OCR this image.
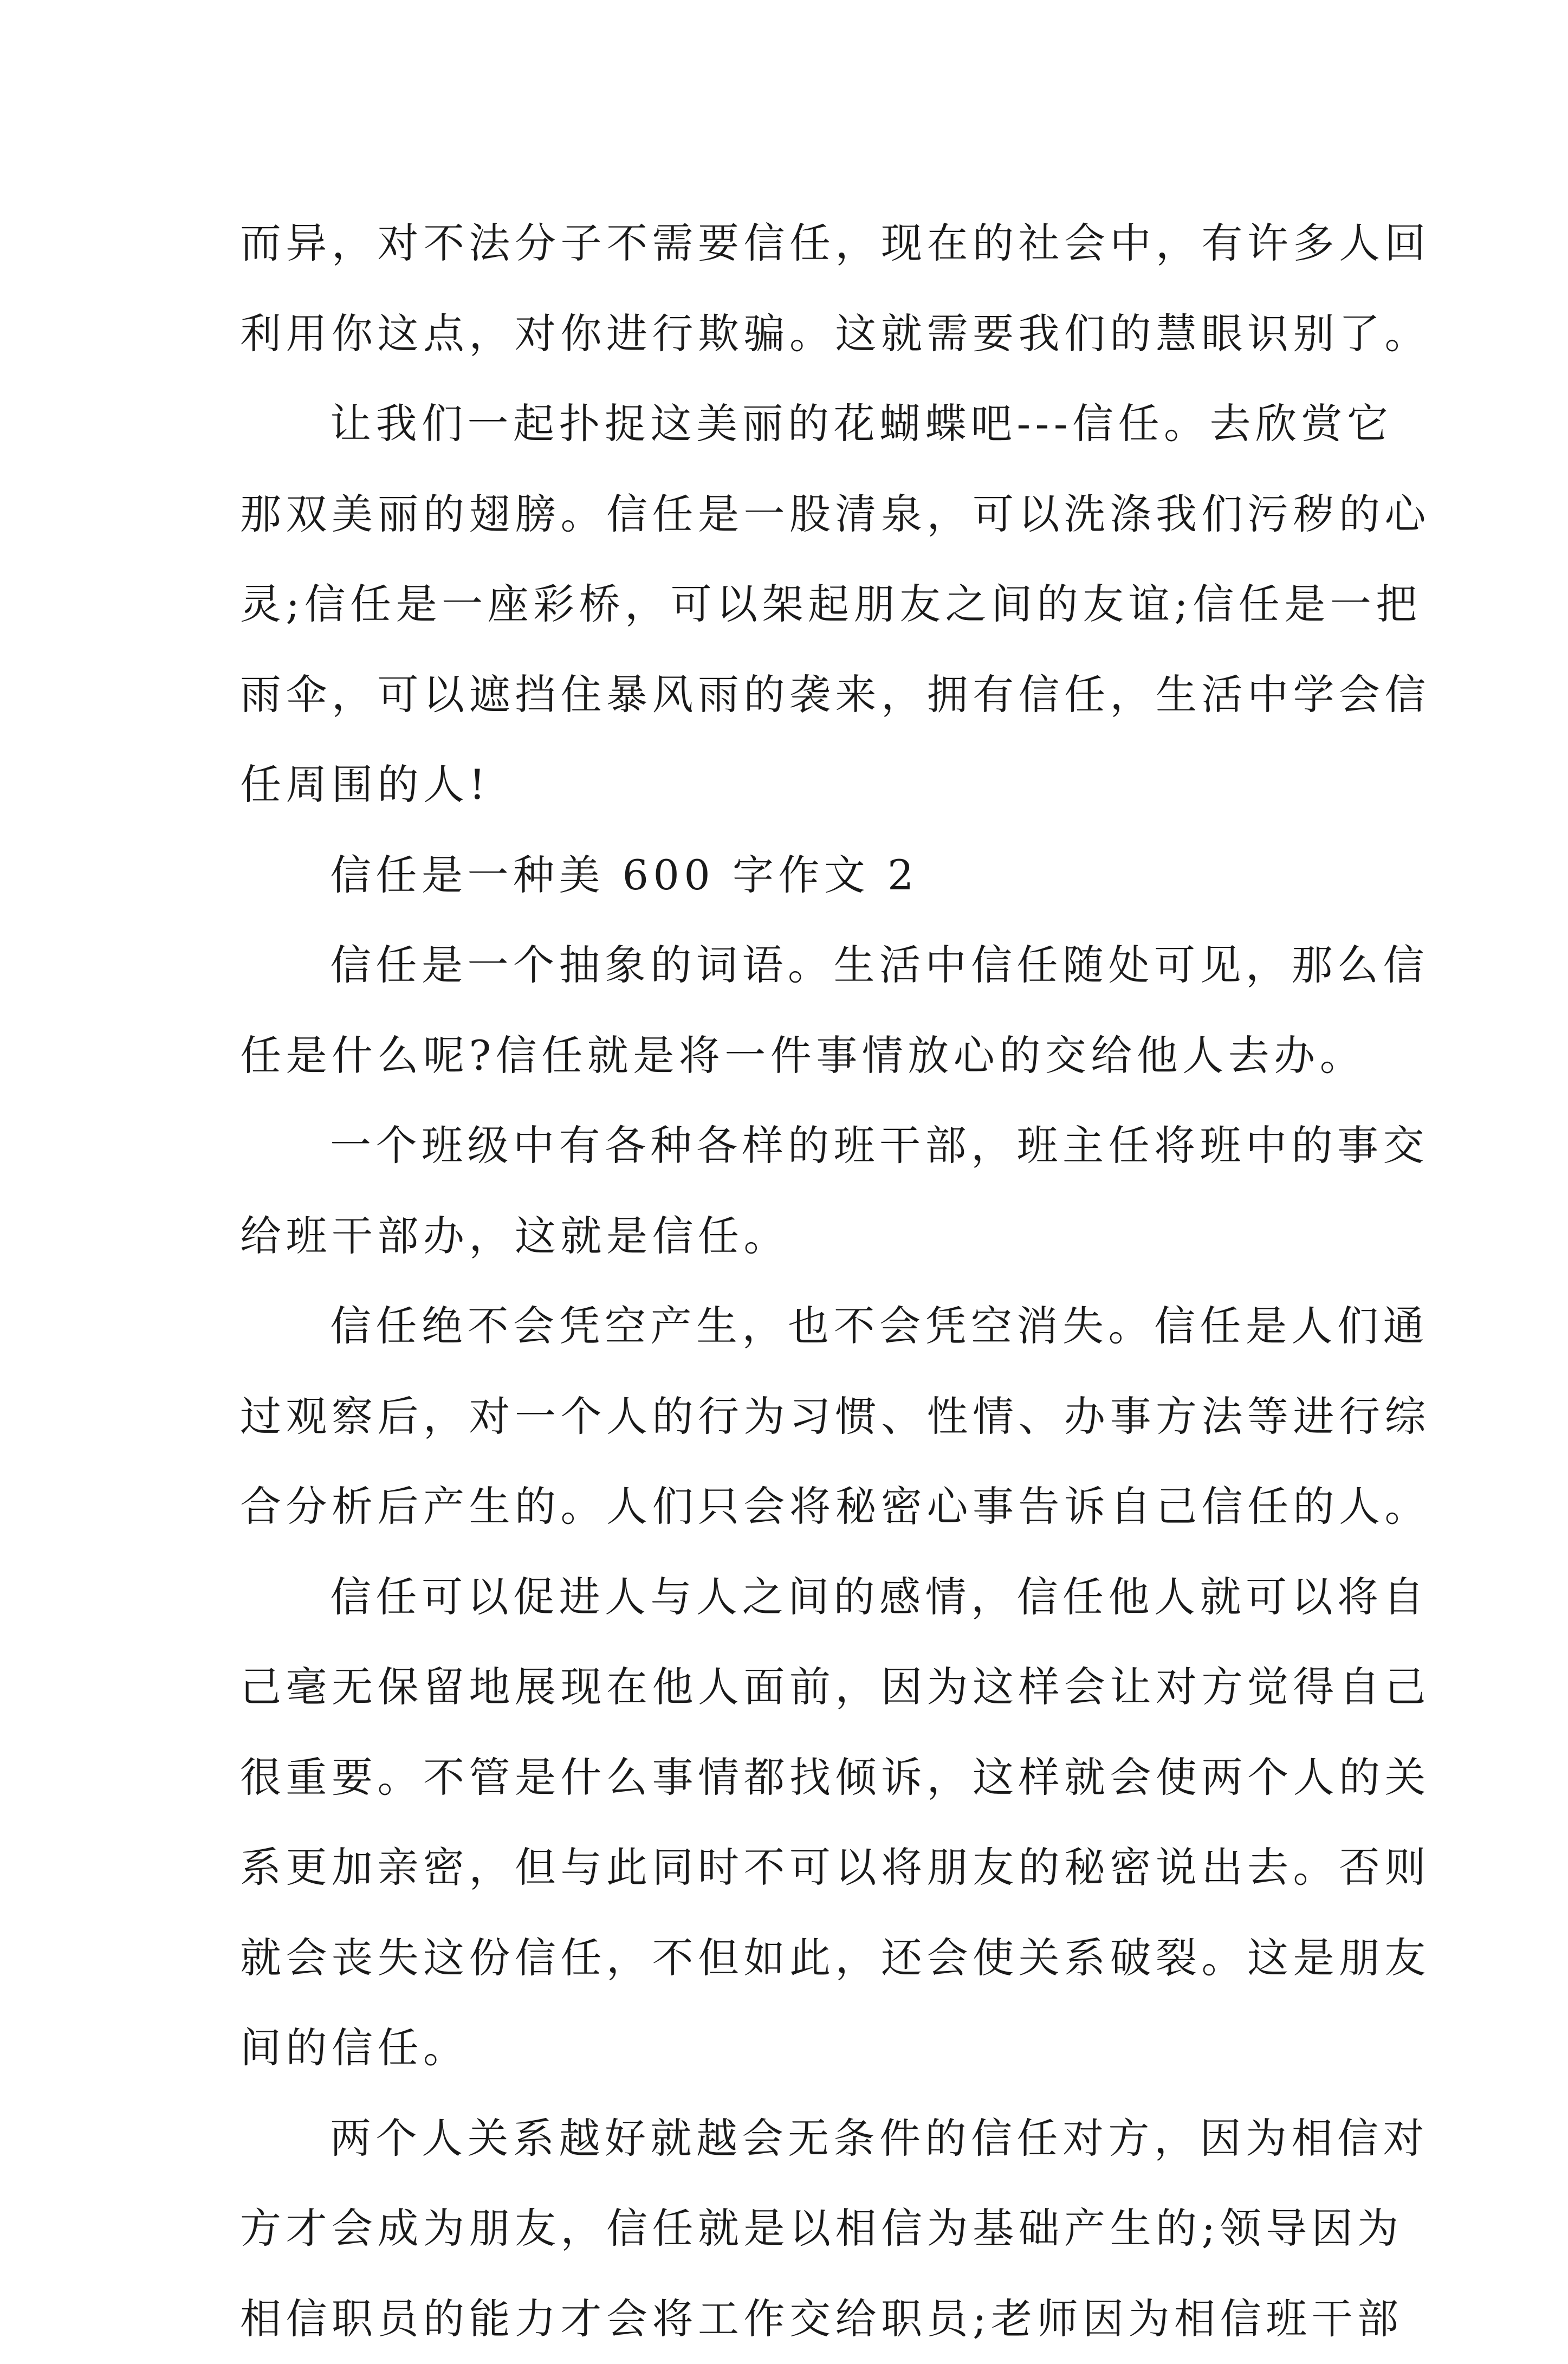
而异，对不法分子不需要信任，现在的社会中，有许多人回
利用你这点，对你进行欺骗。这就需要我们的慧眼识别了。
让我们一起扑捉这美丽的花蝴蝶吧---信任。去欣赏它
那双美丽的翅膀。信任是一股清泉，可以洗涤我们污秽的心
灵;信任是一座彩桥，可以架起朋友之间的友谊;信任是一把
雨伞，可以遮挡住暴风雨的袭来，拥有信任，生活中学会信
任周围的人!
信任是一种美 600 字作文 2
信任是一个抽象的词语。生活中信任随处可见，那么信
任是什么呢?信任就是将一件事情放心的交给他人去办。
一个班级中有各种各样的班干部，班主任将班中的事交
给班干部办，这就是信任。
信任绝不会凭空产生，也不会凭空消失。信任是人们通
过观察后，对一个人的行为习惯、性情、办事方法等进行综
合分析后产生的。人们只会将秘密心事告诉自己信任的人。
信任可以促进人与人之间的感情，信任他人就可以将自
己毫无保留地展现在他人面前，因为这样会让对方觉得自己
很重要。不管是什么事情都找倾诉，这样就会使两个人的关
系更加亲密，但与此同时不可以将朋友的秘密说出去。否则
就会丧失这份信任，不但如此，还会使关系破裂。这是朋友
间的信任。
两个人关系越好就越会无条件的信任对方，因为相信对
方才会成为朋友，信任就是以相信为基础产生的;领导因为
相信职员的能力才会将工作交给职员;老师因为相信班干部
